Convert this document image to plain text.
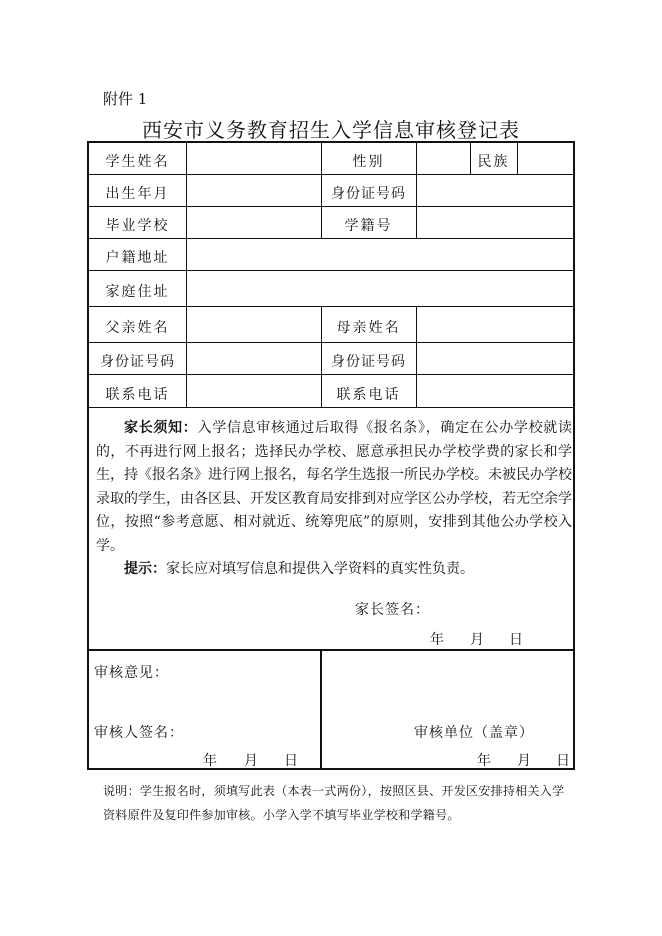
附件 1
西安市义务教育招生入学信息审核登记表
学生姓名	性别	民族
出生年月	身份证号码
毕业学校	学籍号
户籍地址
家庭住址
父亲姓名	母亲姓名
身份证号码	身份证号码
联系电话	联系电话

家长须知：入学信息审核通过后取得《报名条》，确定在公办学校就读的，不再进行网上报名；选择民办学校、愿意承担民办学校学费的家长和学生，持《报名条》进行网上报名，每名学生选报一所民办学校。未被民办学校录取的学生，由各区县、开发区教育局安排到对应学区公办学校，若无空余学位，按照“参考意愿、相对就近、统筹兜底”的原则，安排到其他公办学校入学。

提示：家长应对填写信息和提供入学资料的真实性负责。

家长签名：
年 月 日
审核意见：
审核人签名：	审核单位（盖章）
年 月 日	年 月 日
说明：学生报名时，须填写此表（本表一式两份），按照区县、开发区安排持相关入学资料原件及复印件参加审核。小学入学不填写毕业学校和学籍号。
